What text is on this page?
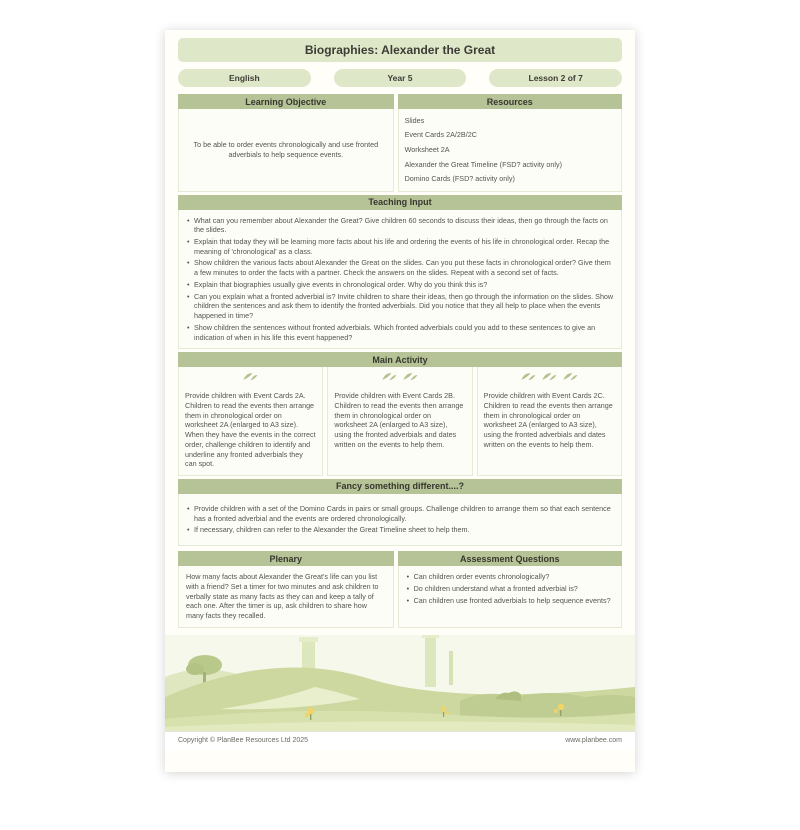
Biographies: Alexander the Great
English	Year 5	Lesson 2 of 7
Learning Objective
To be able to order events chronologically and use fronted adverbials to help sequence events.
Resources
Slides
Event Cards 2A/2B/2C
Worksheet 2A
Alexander the Great Timeline (FSD? activity only)
Domino Cards (FSD? activity only)
Teaching Input
• What can you remember about Alexander the Great? Give children 60 seconds to discuss their ideas, then go through the facts on the slides.
• Explain that today they will be learning more facts about his life and ordering the events of his life in chronological order. Recap the meaning of 'chronological' as a class.
• Show children the various facts about Alexander the Great on the slides. Can you put these facts in chronological order? Give them a few minutes to order the facts with a partner. Check the answers on the slides. Repeat with a second set of facts.
• Explain that biographies usually give events in chronological order. Why do you think this is?
• Can you explain what a fronted adverbial is? Invite children to share their ideas, then go through the information on the slides. Show children the sentences and ask them to identify the fronted adverbials. Did you notice that they all help to place when the events happened in time?
• Show children the sentences without fronted adverbials. Which fronted adverbials could you add to these sentences to give an indication of when in his life this event happened?
Main Activity
Provide children with Event Cards 2A. Children to read the events then arrange them in chronological order on worksheet 2A (enlarged to A3 size). When they have the events in the correct order, challenge children to identify and underline any fronted adverbials they can spot.
Provide children with Event Cards 2B. Children to read the events then arrange them in chronological order on worksheet 2A (enlarged to A3 size), using the fronted adverbials and dates written on the events to help them.
Provide children with Event Cards 2C. Children to read the events then arrange them in chronological order on worksheet 2A (enlarged to A3 size), using the fronted adverbials and dates written on the events to help them.
Fancy something different....?
• Provide children with a set of the Domino Cards in pairs or small groups. Challenge children to arrange them so that each sentence has a fronted adverbial and the events are ordered chronologically.
• If necessary, children can refer to the Alexander the Great Timeline sheet to help them.
Plenary
How many facts about Alexander the Great's life can you list with a friend? Set a timer for two minutes and ask children to verbally state as many facts as they can and keep a tally of each one. After the timer is up, ask children to share how many facts they recalled.
Assessment Questions
• Can children order events chronologically?
• Do children understand what a fronted adverbial is?
• Can children use fronted adverbials to help sequence events?
Copyright © PlanBee Resources Ltd 2025	www.planbee.com
